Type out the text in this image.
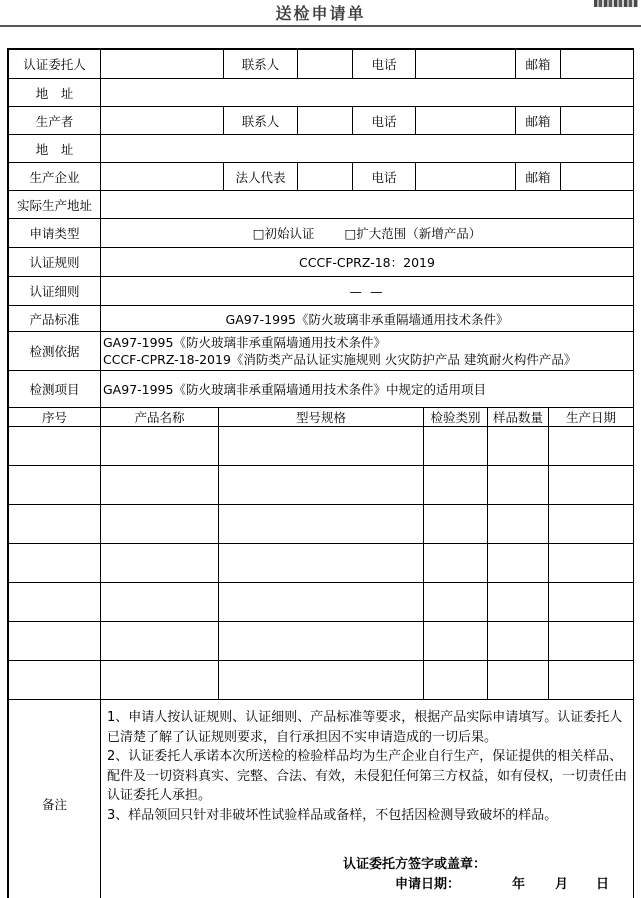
送检申请单
认证委托人		联系人		电话		邮箱	
地　址							
生产者		联系人		电话		邮箱	
地　址							
生产企业		法人代表		电话		邮箱	
实际生产地址							
申请类型	□初始认证 □扩大范围（新增产品）						

认证规则	CCCF-CPRZ-18：2019						
认证细则	— —						
产品标准	GA97-1995《防火玻璃非承重隔墙通用技术条件》						
检测依据	GA97-1995《防火玻璃非承重隔墙通用技术条件》
CCCF-CPRZ-18-2019《消防类产品认证实施规则 火灾防护产品 建筑耐火构件产品》						

检测项目	GA97-1995《防火玻璃非承重隔墙通用技术条件》中规定的适用项目						
序号	产品名称	型号规格	检验类别	样品数量	生产日期

备注	
1、申请人按认证规则、认证细则、产品标准等要求，根据产品实际申请填写。认证委托人已清楚了解了认证规则要求，自行承担因不实申请造成的一切后果。
2、认证委托人承诺本次所送检的检验样品均为生产企业自行生产，保证提供的相关样品、配件及一切资料真实、完整、合法、有效，未侵犯任何第三方权益，如有侵权，一切责任由认证委托人承担。
3、样品领回只针对非破坏性试验样品或备样，不包括因检测导致破坏的样品。
认证委托方签字或盖章：
申请日期：	年 月 日
